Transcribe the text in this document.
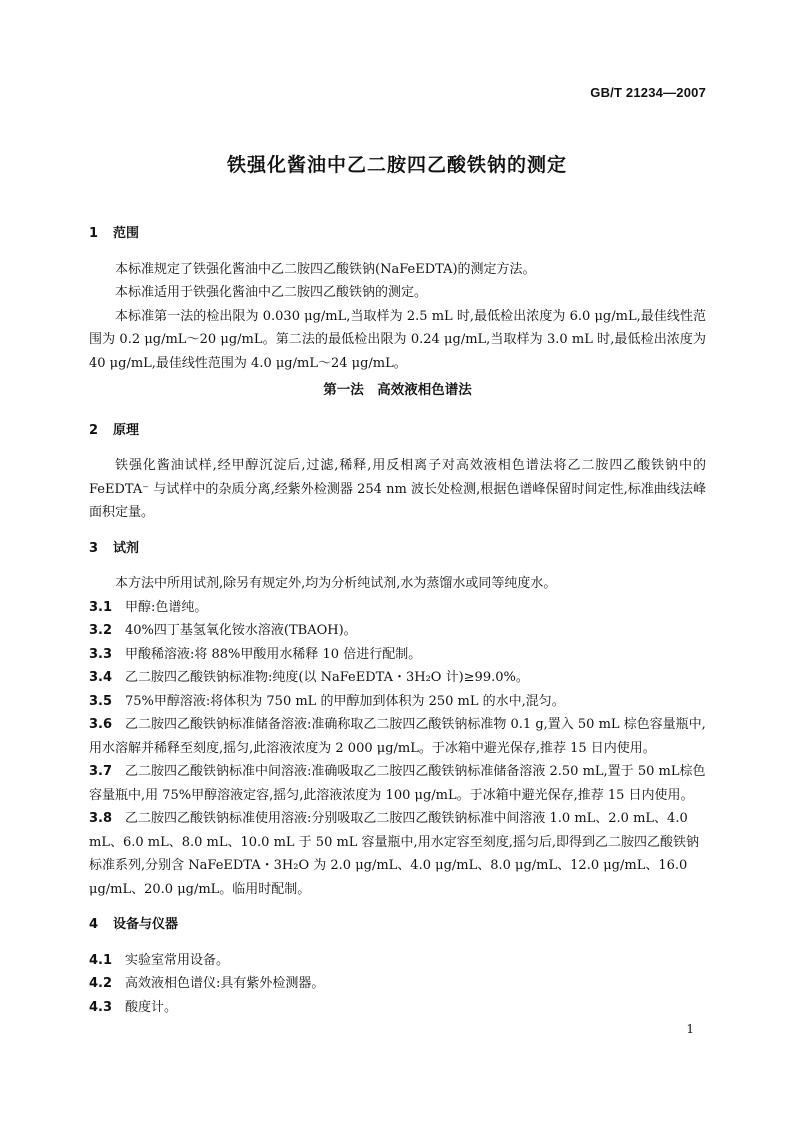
GB/T 21234—2007
铁强化酱油中乙二胺四乙酸铁钠的测定

1 范围

本标准规定了铁强化酱油中乙二胺四乙酸铁钠(NaFeEDTA)的测定方法。

本标准适用于铁强化酱油中乙二胺四乙酸铁钠的测定。

本标准第一法的检出限为 0.030 μg/mL,当取样为 2.5 mL 时,最低检出浓度为 6.0 μg/mL,最佳线性范围为 0.2 μg/mL～20 μg/mL。第二法的最低检出限为 0.24 μg/mL,当取样为 3.0 mL 时,最低检出浓度为 40 μg/mL,最佳线性范围为 4.0 μg/mL～24 μg/mL。

第一法　高效液相色谱法

2 原理

铁强化酱油试样,经甲醇沉淀后,过滤,稀释,用反相离子对高效液相色谱法将乙二胺四乙酸铁钠中的 FeEDTA⁻ 与试样中的杂质分离,经紫外检测器 254 nm 波长处检测,根据色谱峰保留时间定性,标准曲线法峰面积定量。

3 试剂

本方法中所用试剂,除另有规定外,均为分析纯试剂,水为蒸馏水或同等纯度水。

3.1 甲醇:色谱纯。

3.2 40%四丁基氢氧化铵水溶液(TBAOH)。

3.3 甲酸稀溶液:将 88%甲酸用水稀释 10 倍进行配制。

3.4 乙二胺四乙酸铁钠标准物:纯度(以 NaFeEDTA・3H₂O 计)≥99.0%。

3.5 75%甲醇溶液:将体积为 750 mL 的甲醇加到体积为 250 mL 的水中,混匀。

3.6 乙二胺四乙酸铁钠标准储备溶液:准确称取乙二胺四乙酸铁钠标准物 0.1 g,置入 50 mL 棕色容量瓶中,用水溶解并稀释至刻度,摇匀,此溶液浓度为 2 000 μg/mL。于冰箱中避光保存,推荐 15 日内使用。

3.7 乙二胺四乙酸铁钠标准中间溶液:准确吸取乙二胺四乙酸铁钠标准储备溶液 2.50 mL,置于 50 mL棕色容量瓶中,用 75%甲醇溶液定容,摇匀,此溶液浓度为 100 μg/mL。于冰箱中避光保存,推荐 15 日内使用。

3.8 乙二胺四乙酸铁钠标准使用溶液:分别吸取乙二胺四乙酸铁钠标准中间溶液 1.0 mL、2.0 mL、4.0 mL、6.0 mL、8.0 mL、10.0 mL 于 50 mL 容量瓶中,用水定容至刻度,摇匀后,即得到乙二胺四乙酸铁钠标准系列,分别含 NaFeEDTA・3H₂O 为 2.0 μg/mL、4.0 μg/mL、8.0 μg/mL、12.0 μg/mL、16.0 μg/mL、20.0 μg/mL。临用时配制。

4 设备与仪器

4.1 实验室常用设备。

4.2 高效液相色谱仪:具有紫外检测器。

4.3 酸度计。

1
